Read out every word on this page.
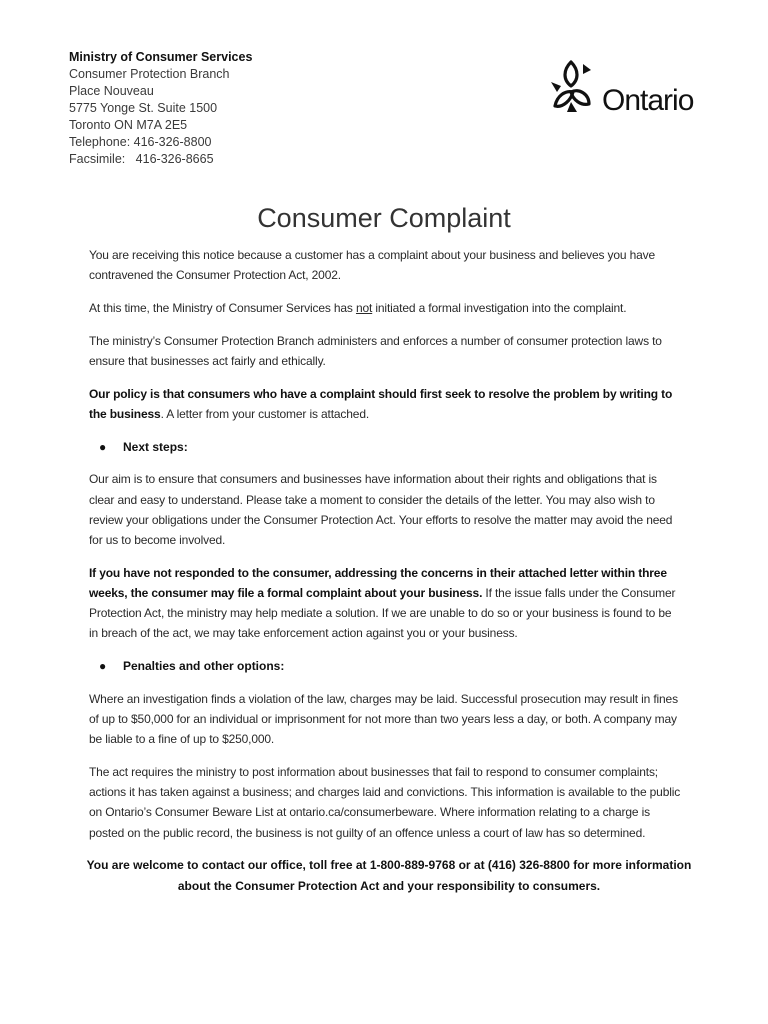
Ministry of Consumer Services
Consumer Protection Branch
Place Nouveau
5775 Yonge St. Suite 1500
Toronto ON M7A 2E5
Telephone: 416-326-8800
Facsimile:   416-326-8665
Ontario
Consumer Complaint

You are receiving this notice because a customer has a complaint about your business and believes you have contravened the Consumer Protection Act, 2002.

At this time, the Ministry of Consumer Services has not initiated a formal investigation into the complaint.

The ministry’s Consumer Protection Branch administers and enforces a number of consumer protection laws to ensure that businesses act fairly and ethically.

Our policy is that consumers who have a complaint should first seek to resolve the problem by writing to the business. A letter from your customer is attached.

● Next steps:

Our aim is to ensure that consumers and businesses have information about their rights and obligations that is clear and easy to understand. Please take a moment to consider the details of the letter. You may also wish to review your obligations under the Consumer Protection Act. Your efforts to resolve the matter may avoid the need for us to become involved.

If you have not responded to the consumer, addressing the concerns in their attached letter within three weeks, the consumer may file a formal complaint about your business. If the issue falls under the Consumer Protection Act, the ministry may help mediate a solution. If we are unable to do so or your business is found to be in breach of the act, we may take enforcement action against you or your business.

● Penalties and other options:

Where an investigation finds a violation of the law, charges may be laid. Successful prosecution may result in fines of up to $50,000 for an individual or imprisonment for not more than two years less a day, or both. A company may be liable to a fine of up to $250,000.

The act requires the ministry to post information about businesses that fail to respond to consumer complaints; actions it has taken against a business; and charges laid and convictions. This information is available to the public on Ontario’s Consumer Beware List at ontario.ca/consumerbeware. Where information relating to a charge is posted on the public record, the business is not guilty of an offence unless a court of law has so determined.

You are welcome to contact our office, toll free at 1-800-889-9768 or at (416) 326-8800 for more information about the Consumer Protection Act and your responsibility to consumers.
